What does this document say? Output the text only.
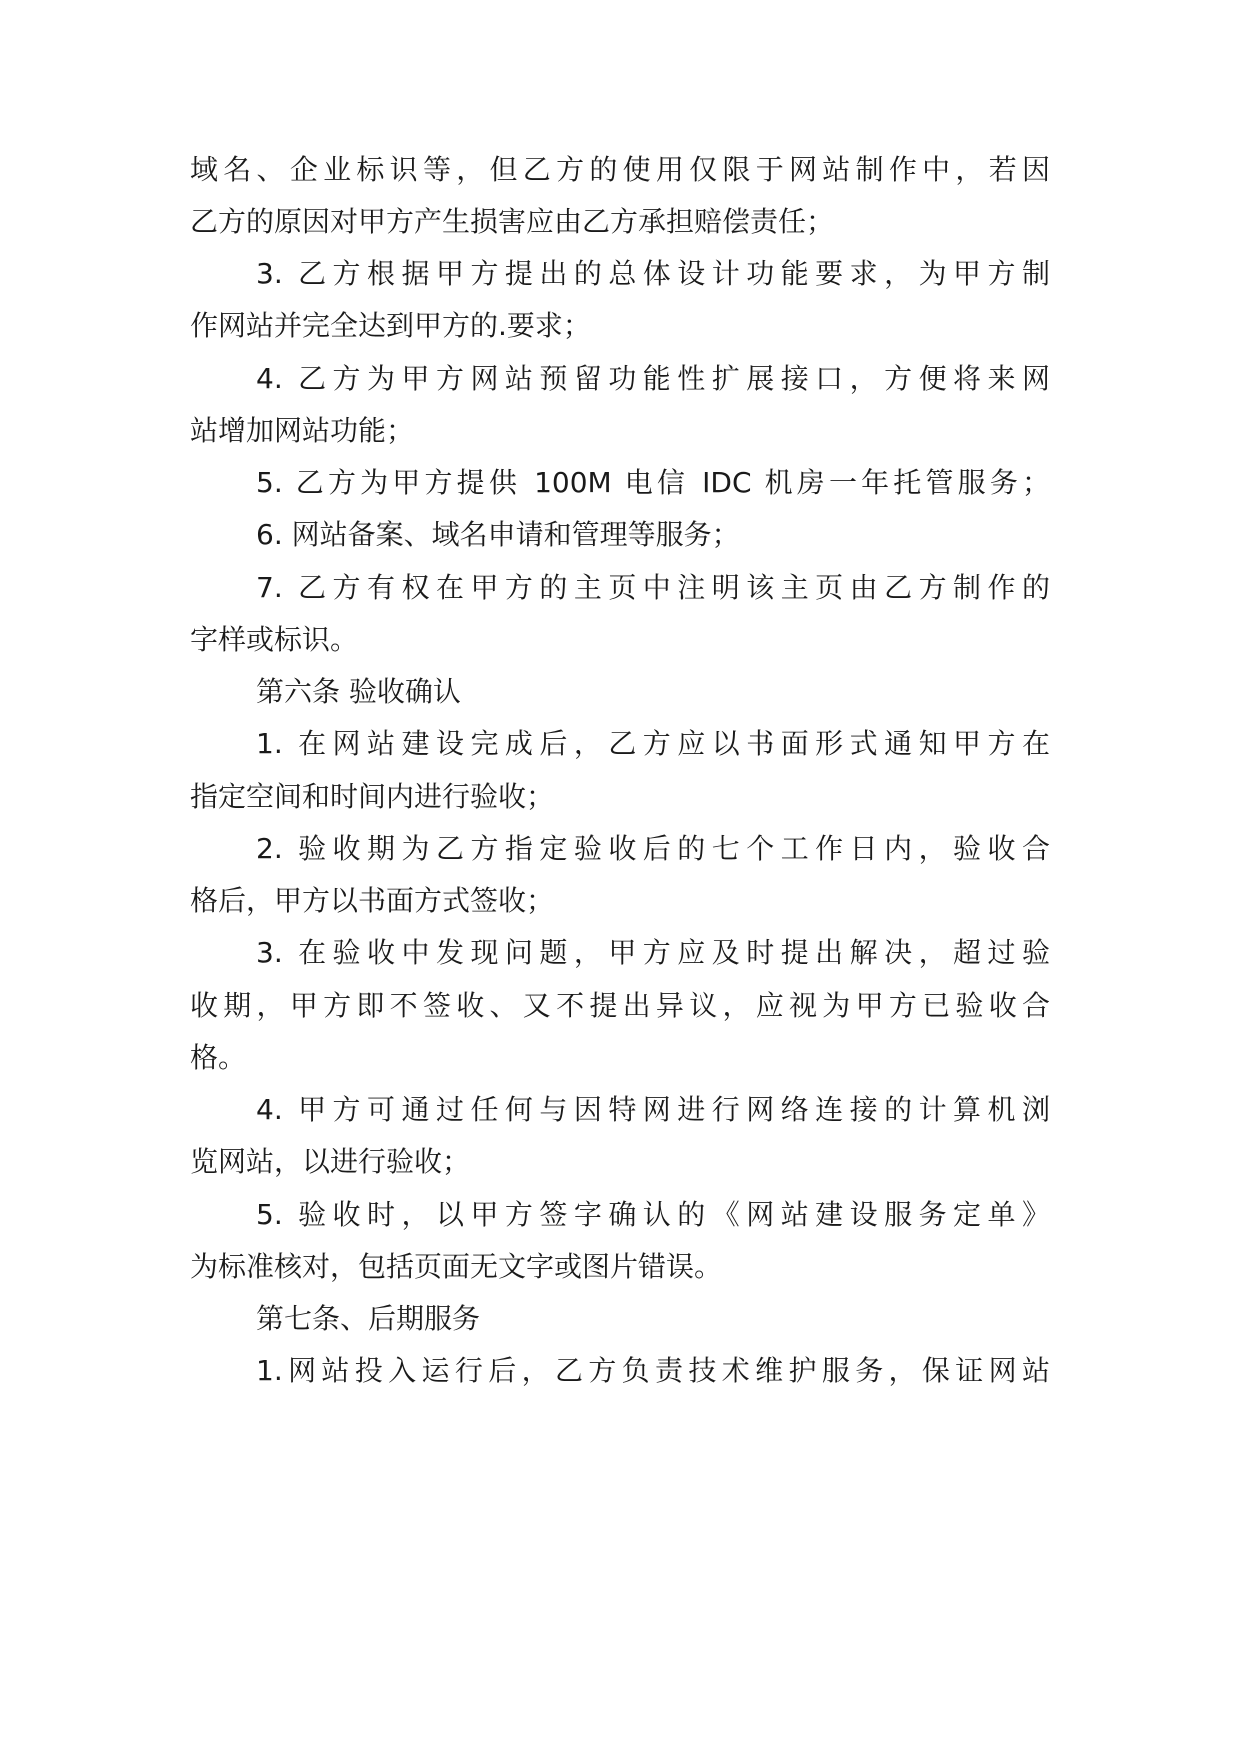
域名、企业标识等，但乙方的使用仅限于网站制作中，若因
乙方的原因对甲方产生损害应由乙方承担赔偿责任；
3. 乙方根据甲方提出的总体设计功能要求，为甲方制
作网站并完全达到甲方的.要求；
4. 乙方为甲方网站预留功能性扩展接口，方便将来网
站增加网站功能；
5. 乙方为甲方提供 100M 电信 IDC 机房一年托管服务；
6. 网站备案、域名申请和管理等服务；
7. 乙方有权在甲方的主页中注明该主页由乙方制作的
字样或标识。
第六条 验收确认
1. 在网站建设完成后，乙方应以书面形式通知甲方在
指定空间和时间内进行验收；
2. 验收期为乙方指定验收后的七个工作日内，验收合
格后，甲方以书面方式签收；
3. 在验收中发现问题，甲方应及时提出解决，超过验
收期，甲方即不签收、又不提出异议，应视为甲方已验收合
格。
4. 甲方可通过任何与因特网进行网络连接的计算机浏
览网站，以进行验收；
5. 验收时，以甲方签字确认的《网站建设服务定单》
为标准核对，包括页面无文字或图片错误。
第七条、后期服务
1.网站投入运行后，乙方负责技术维护服务，保证网站
